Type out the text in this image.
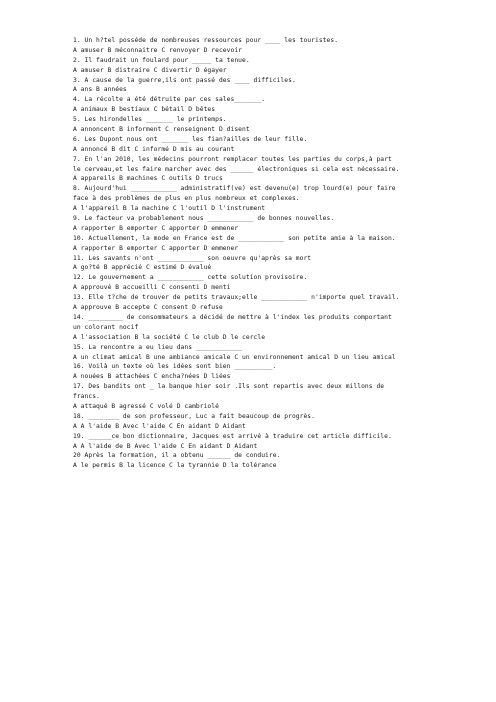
1. Un h?tel posséde de nombreuses ressources pour ____ les touristes.
A amuser B méconnaitre C renvoyer D recevoir
2. Il faudrait un foulard pour _____ ta tenue.
A amuser B distraire C divertir D égayer
3. A cause de la guerre,ils ont passé des ____ difficiles.
A ans B années
4. La récolte a été détruite par ces sales_______.
A animaux B bestiaux C bétail D bêtes
5. Les hirondelles _______ le printemps.
A annoncent B informent C renseignent D disent
6. Les Dupont nous ont _______ les fian?ailles de leur fille.
A annoncé B dit C informé D mis au courant
7. En l'an 2010, les médecins pourront remplacer toutes les parties du corps,à part
le cerveau,et les faire marcher avec des ______ électroniques si cela est nécessaire.
A appareils B machines C outils D trucs
8. Aujourd'hui ____________ administratif(ve) est devenu(e) trop lourd(e) pour faire
face à des problèmes de plus en plus nombreux et complexes.
A l'appareil B la machine C l'outil D l'instrument
9. Le facteur va probablement nous ____________ de bonnes nouvelles.
A rapporter B emporter C apporter D emmener
10. Actuellement, la mode en France est de ____________ son petite amie à la maison.
A rapporter B emporter C apporter D emmener
11. Les savants n'ont ____________ son oeuvre qu'après sa mort
A go?té B apprécié C estimé D évalué
12. Le gouvernement a ____________ cette solution provisoire.
A approuvé B accueilli C consenti D menti
13. Elle t?che de trouver de petits travaux;elle ____________ n'importe quel travail.
A approuve B accepte C consent D refuse
14. _________ de consommateurs a décidé de mettre à l'index les produits comportant
un colorant nocif
A l'association B la société C le club D le cercle
15. La rencontre a eu lieu dans ____________
A un climat amical B une ambiance amicale C un environnement amical D un lieu amical
16. Voilà un texte où les idées sont bien __________.
A nouées B attachées C encha?nées D liées
17. Des bandits ont _ la banque hier soir .Ils sont repartis avec deux millons de
francs.
A attaqué B agressé C volé D cambriolé
18. ________ de son professeur, Luc a fait beaucoup de progrès.
A A l'aide B Avec l'aide C En aidant D Aidant
19. ______ce bon dictionnaire, Jacques est arrivé à traduire cet article difficile.
A A l'aide de B Avec l'aide C En aidant D Aidant
20 Après la formation, il a obtenu ______ de conduire.
A le permis B la licence C la tyrannie D la tolérance
